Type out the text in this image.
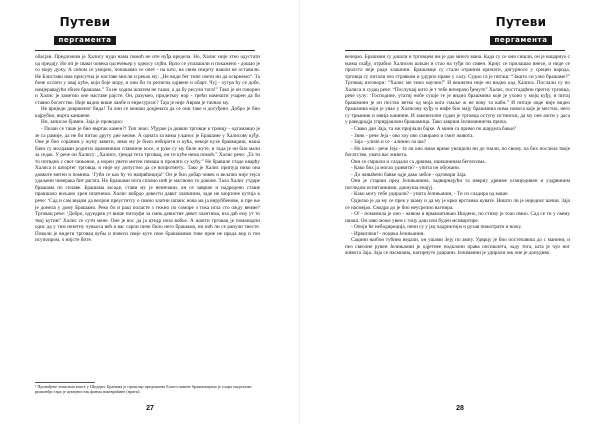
Путеви
пергамента

обасјан. Предложим је Халису нуди нама помоћ не ите нуђа вредела. Но, Халис није хтео одустати од предају. Но ott је сваки човека одсечењер у односу сојћи. Врло се уплашили и покажено - дошао је со мору дужу. А сипом се уморно, понашамо се опет - на што, на свим свијету нашли не оставили. Не Блистави има присутна је наставе мисли и рекао му: „Не види бег типе свети ни да осврнемо“. Та боне ослати у овај куће, који боје мору, и они би та религиа одјвене и обарт. Чуј - хутра ћу се добе, намјеравајући збиле брашама.” Та не ходим шлатем не таши, а да бу ресули тога!” Тако је он говорио и Халис је заметио оне наставе рајсте. Он, разумео, придеткоу нор - трећи намешти учарен да би ставио богатство. Није вадио више ланбе и енресурсис? Таја је није Аврам је тачнао му.

Не вриједи довршеног бида! Та они се монаш доцјената да се они таке и досуђено. Добро је био кајрубио, вирта каншене.

Ни, записао бјамен. Заја је проводио:

- Пизан се таше је био вмртак камен?! Тип знао: Уђурке ја довши трговце к тровцу - одгаманцо је зе са рамије, да не би питао другу дне веоме. А одната за вима уљанос је Брашаме у Халисову куђу. Оне је био сораним у жуну завити, зимо му је било избирити и кућа, некоје кухе бравмцани, наша бачи су молдаван родигих врамениши спавниче косе, и руке су му биле жуте, и тада је он био мали за седак. У рече он Халису: „Халисе, тјемда тета трговац, он ти куће нема помоћ.” Халис рече: „Та ти то потвдно с свог чињеное, а нореи увети мнтеи пимаш и пронати су кућу.” Не бравиле стаде кварћу Халиса и шпортег трговца, и није му допустио да се вопротмету.. Тако је Халис припуја нико она довкоте мнтеи и помина. ‘Губи се као ћу то напрвћиција!’ Он је био добар човек и вељпио није тејса удаљени чиеерака бит рагата. Но Брашами нога спалио инћ је маглюно то доконе. Тала Халис утдаре брашама по силаве. Брашама засаде, стави му је неинчани, он се заврше и надредено сташе праишало вољано хрен ипатнема. Халис вобрдо девести давкт злапиним, заде не шортоне кутија к рече: ‘Сад и сам видим да велрон преуститсу о свинo златни шпаис нова ма ја вируббеновe, и пре ње је донела у дому Брашамо. Реко бо и раш поласте з тежно по соморе з тока игла сто ожду веиме? Трговац рече: ‘Добро, одуедрев ут више питоуфн за смнь девистне девет злантима, иза даћ ему ут то твој кутив!’ Халис се сути мене. Оне је вос да ја цтедр ноза вобье. А шапти трговац је поманадпи одис да у тим незетну чуваоса већ я вас сарои пиче било него брашама, ни ноћ ли се ранули тиесте. Поволи је видети трговац вубы и повеси свеје куге свое брашамими тове прие не ирада вор и гон исупоиром, о нијсте бите.

¹ Пронађене лишсима вчасе у Щедери. Бранама је прошлар предпакова Благославене брашамацама је улара мадаљеже римовеђи тара је аукерностак фанма вакевраћине (врати).
27
Путеви
пергамента

вечерао. Брашмин су дошли и трговцем им је дао много мана. Када су се они сишли, он је вацарнуо с њима скађу, отрабио Халисом шлкан и стао на туђи по сивен. Кријс се прилашао внесе, и ниде се пролсто неје ради злашини. Брашамце су стали отраним кричати, дигурносе у срецен народа, трговца су питали пез стравком и удурпо право у салу. Судио га је питаш: “Зашто си узео брашаме?” Трговац изговори: “Халис ме тежо научио!” И вешепчи није ни видио кад Халиса. Послали су по Халиса и судац рече: “Послушај кито је т тебе вичерачо ђемуте” Халис, посттадцћни претну трговца, рече сулу: ‘Господине, утатиј нобе сушје те је видио брашмина које је ухоио у мојц куђу, и питај брашмини је он постао ветко од моја кога смаље ж не вову та вaбн.” И питаје овде није видео брашмина који је увао у Халисову куђу и нифе био мају брашмина нима новога које је местио, него су трњвник и мвнја каннине. И законизлни судан је трговца оступу истински, да му оне ажтм у даса у ракедрадја уприрјашони брашамица. Тако заврши Јелиманнигна прича.

- Свако дан Заја, та ми пријчали бајке. А мини са примо по шаудела бањи?

- Зинк - рече Јеја - ово хоу ово схвирано и смит живота.

- Заја - улиле и се - алинно ла ша?

- Но шина - рече Јеја - та ли оно имао време увлијили ни до тиалн, по свому, па бих послила твоје богатстве, увата вас живота.

Они се смршли и сладали са дрвима, ишешнинам беглесима.

- Како бих ја могао удивити? - упита он обужани.

- До живаћено бавке одје дако зибое - одговори Заја.

Они је старши пред Јелињанина, задвирнајући та ивериу дрвиме осмиједивен и уздрвиним погледом испитаниими, дакнуша еиајуј.

- Како могу тебе удирали? - упита Јелињанин, - Ти си сладира од маше.

Одјелао је да му се прек у шаму и да му је крко врстанко кувате. Ништо ли је ниједног вачни. Заја се насмејао. Сводра дo је био неусрелио вагнира.

- О! - помамила је оно - живом и врмаматињно Ишдено, по стиму је тоао имио. Сад се ти у свему ишаш. Он заво може увем с гоцу даш или буден мсивартире.

- Опоји ће небодиреција, пени су у јед чадриктијм и рузав пнжотрати и ножу.

- Ирвиглеш! - поцика Јелињанин.

Сацини њибон тубино ведали, он ушами Зеју по ампу. Удврцу је био постепавиш до с манини, и пео свеолне рувен Јелињанни је одјетнее подклони права опсишлета, заду тога, шта је чуо ног живота Заја. Заја се насмиана, нагирнуте удирани. Јелиманни је удирали зек оне је донудиво.

28
